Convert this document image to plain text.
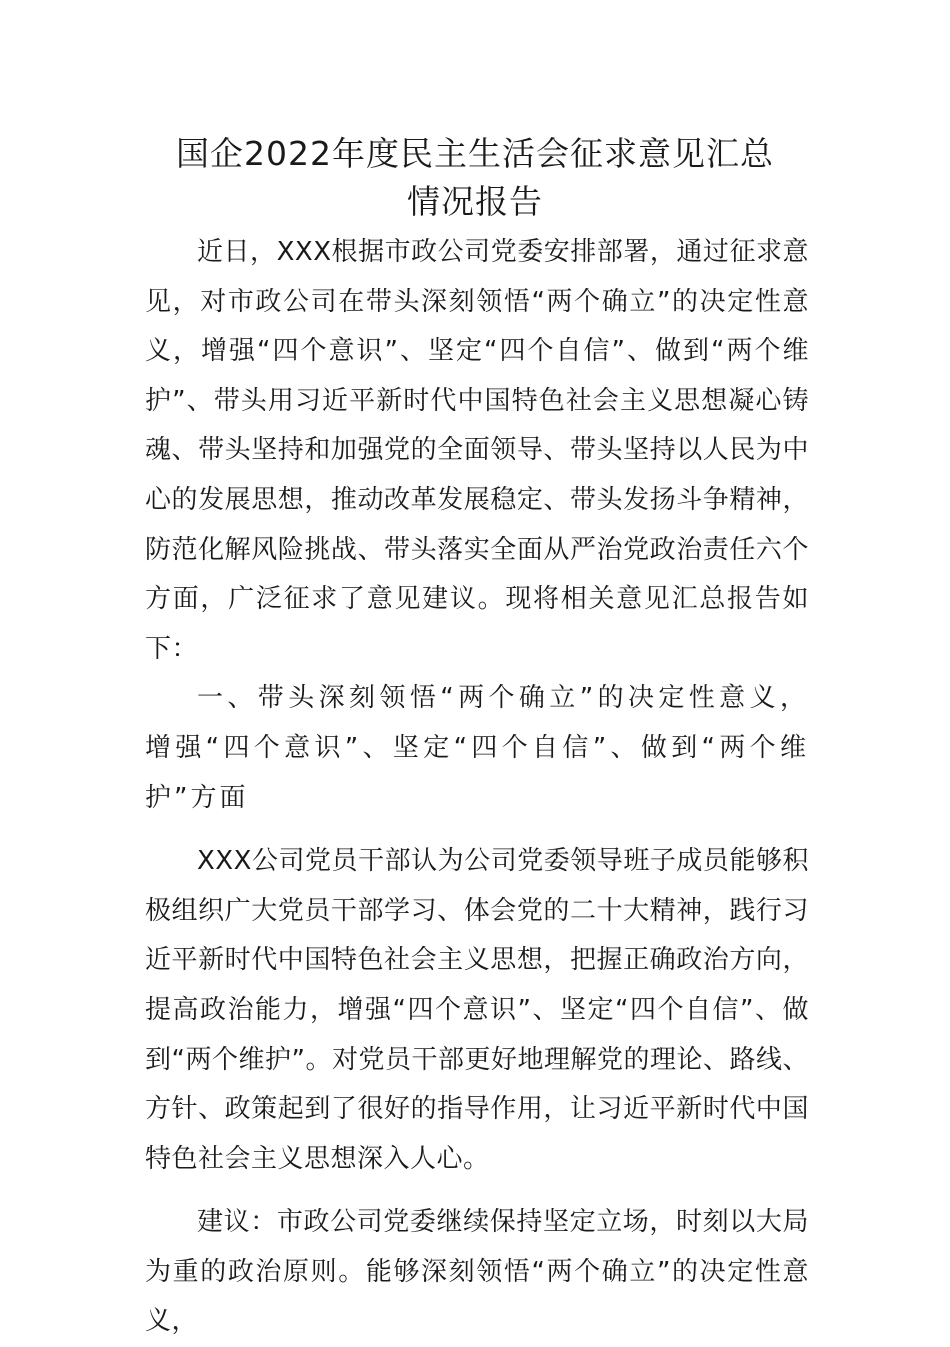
国企2022年度民主生活会征求意见汇总
情况报告

近日，XXX根据市政公司党委安排部署，通过征求意见，对市政公司在带头深刻领悟“两个确立”的决定性意义，增强“四个意识”、坚定“四个自信”、做到“两个维护”、带头用习近平新时代中国特色社会主义思想凝心铸魂、带头坚持和加强党的全面领导、带头坚持以人民为中心的发展思想，推动改革发展稳定、带头发扬斗争精神，防范化解风险挑战、带头落实全面从严治党政治责任六个方面，广泛征求了意见建议。现将相关意见汇总报告如下：

一、带头深刻领悟“两个确立”的决定性意义，增强“四个意识”、坚定“四个自信”、做到“两个维护”方面

XXX公司党员干部认为公司党委领导班子成员能够积极组织广大党员干部学习、体会党的二十大精神，践行习近平新时代中国特色社会主义思想，把握正确政治方向，提高政治能力，增强“四个意识”、坚定“四个自信”、做到“两个维护”。对党员干部更好地理解党的理论、路线、方针、政策起到了很好的指导作用，让习近平新时代中国特色社会主义思想深入人心。

建议：市政公司党委继续保持坚定立场，时刻以大局为重的政治原则。能够深刻领悟“两个确立”的决定性意义，
